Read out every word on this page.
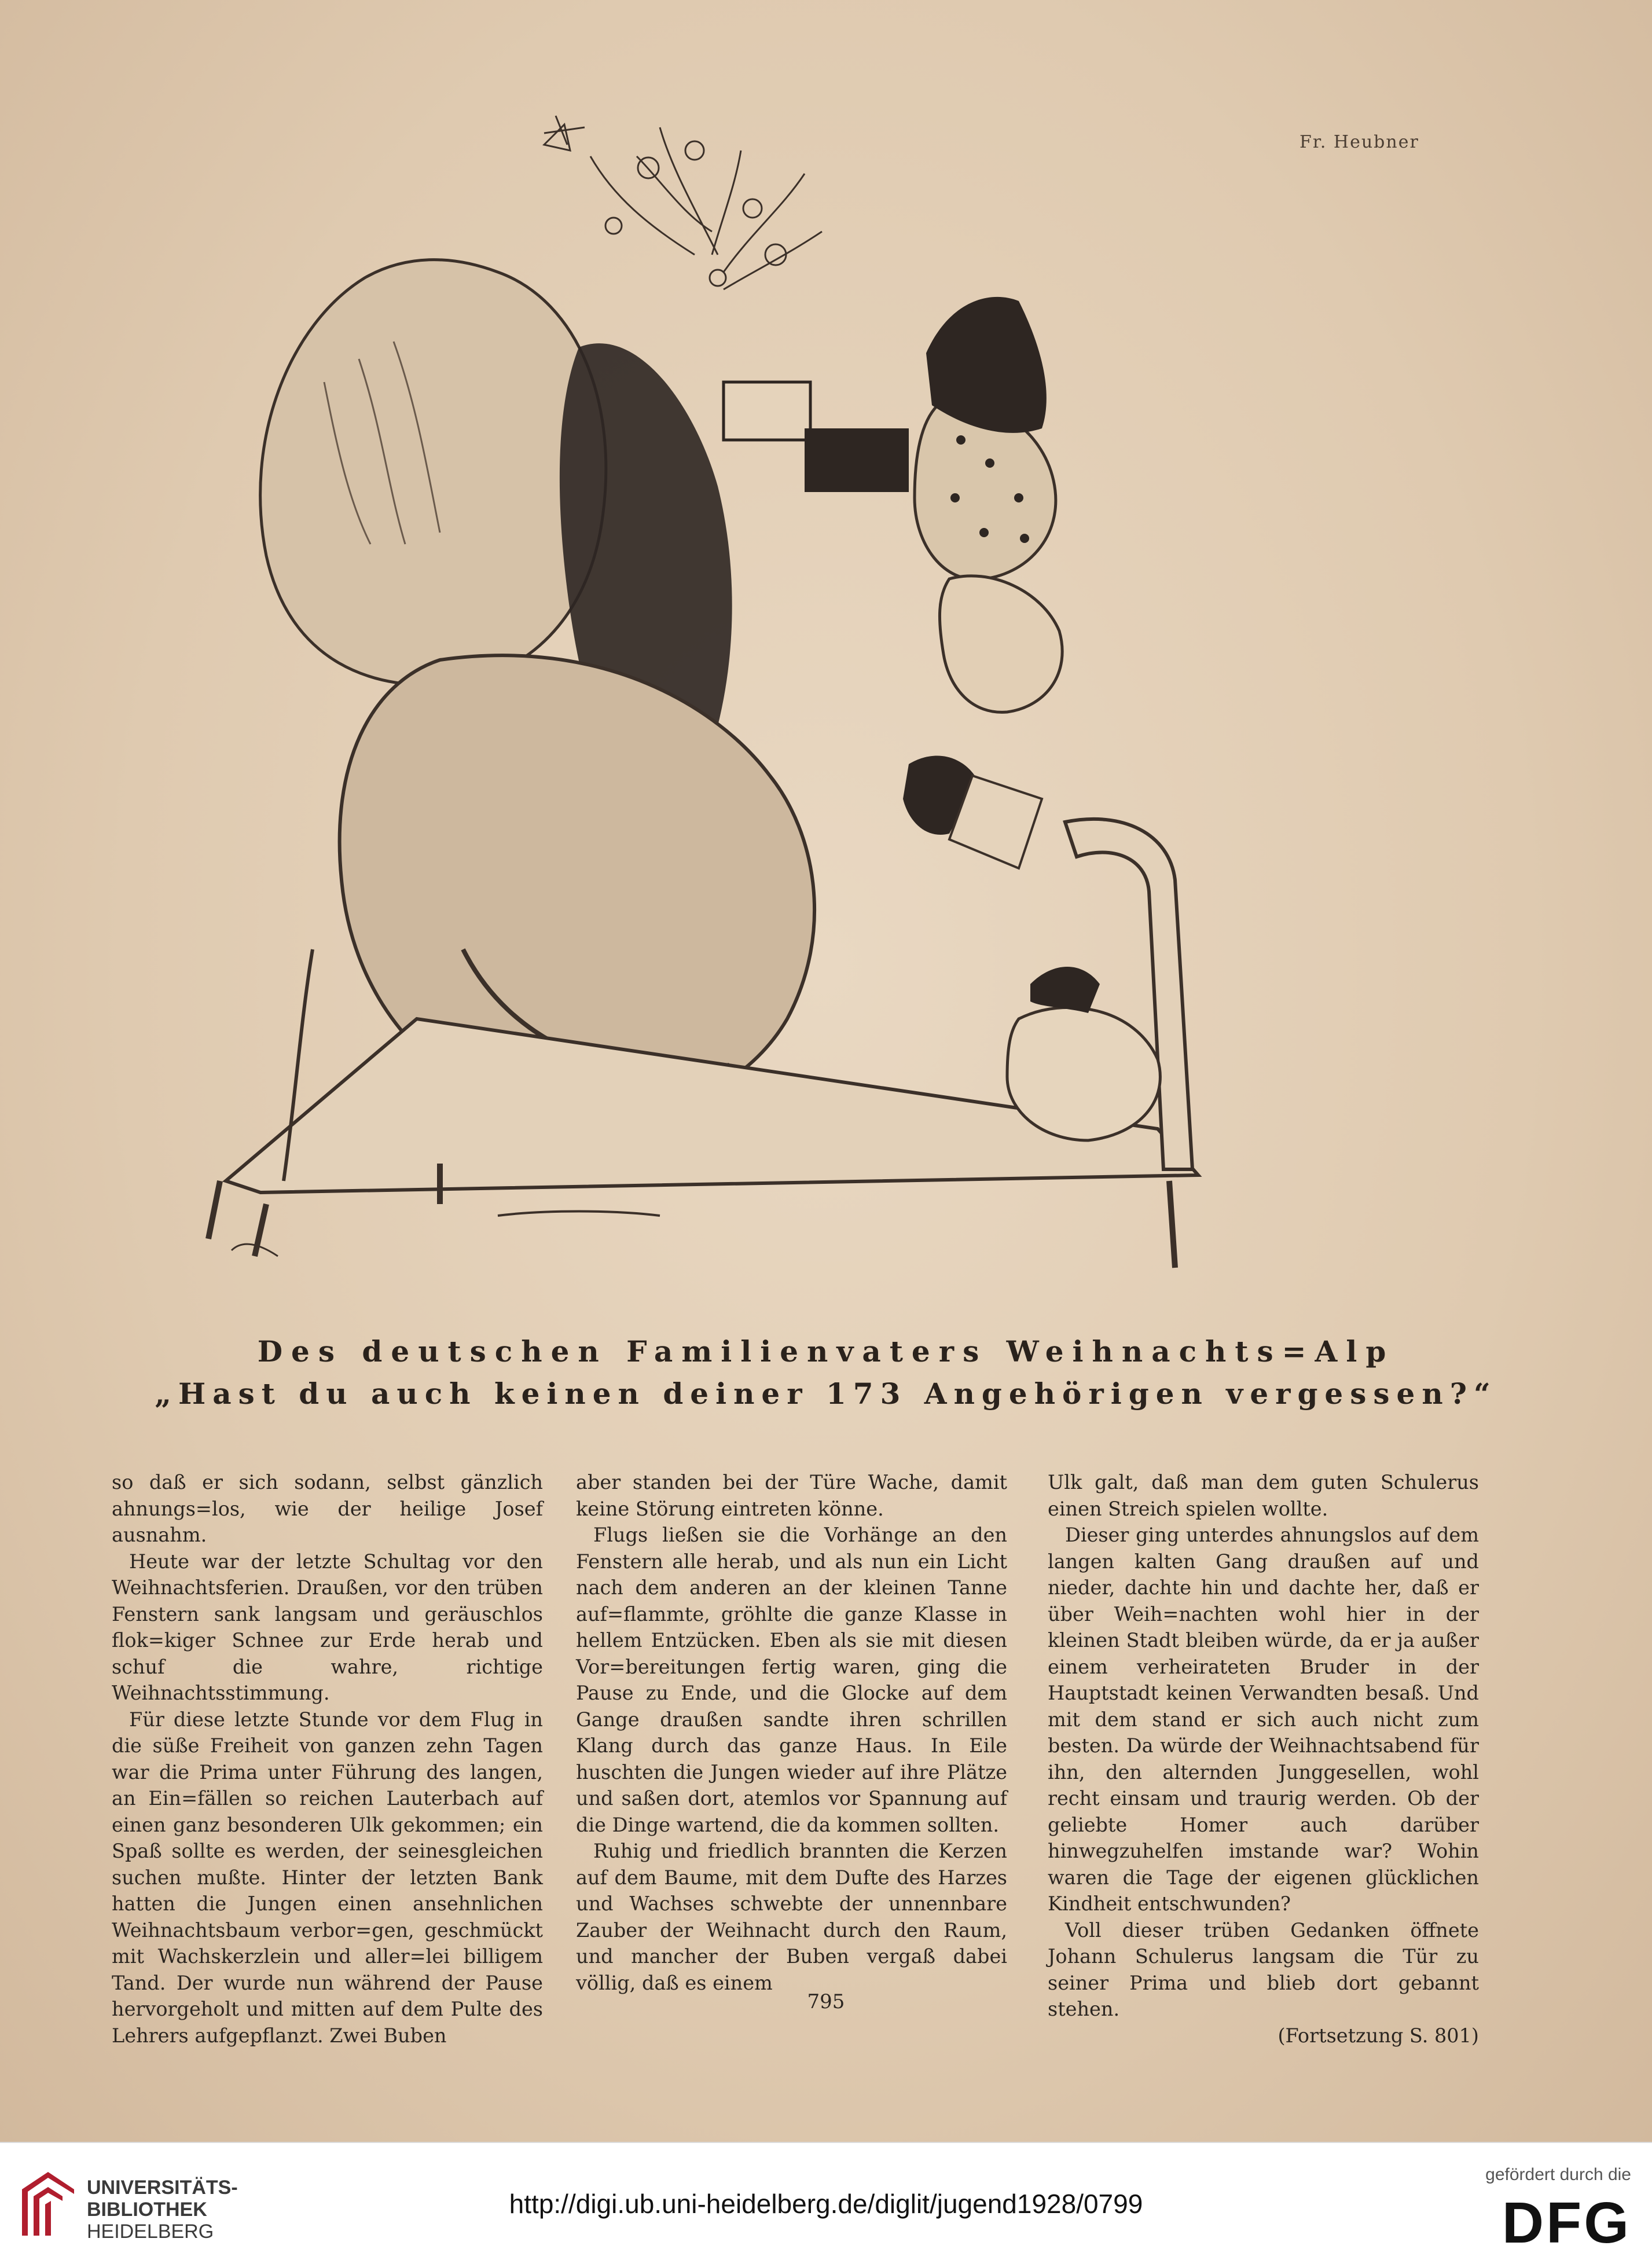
Fr. Heubner
Des deutschen Familienvaters Weihnachts=Alp
„Hast du auch keinen deiner 173 Angehörigen vergessen?“

so daß er sich sodann, selbst gänzlich ahnungs=los, wie der heilige Josef ausnahm.

Heute war der letzte Schultag vor den Weihnachtsferien. Draußen, vor den trüben Fenstern sank langsam und geräuschlos flok=kiger Schnee zur Erde herab und schuf die wahre, richtige Weihnachtsstimmung.

Für diese letzte Stunde vor dem Flug in die süße Freiheit von ganzen zehn Tagen war die Prima unter Führung des langen, an Ein=fällen so reichen Lauterbach auf einen ganz besonderen Ulk gekommen; ein Spaß sollte es werden, der seinesgleichen suchen mußte. Hinter der letzten Bank hatten die Jungen einen ansehnlichen Weihnachtsbaum verbor=gen, geschmückt mit Wachskerzlein und aller=lei billigem Tand. Der wurde nun während der Pause hervorgeholt und mitten auf dem Pulte des Lehrers aufgepflanzt. Zwei Buben

aber standen bei der Türe Wache, damit keine Störung eintreten könne.

Flugs ließen sie die Vorhänge an den Fenstern alle herab, und als nun ein Licht nach dem anderen an der kleinen Tanne auf=flammte, gröhlte die ganze Klasse in hellem Entzücken. Eben als sie mit diesen Vor=bereitungen fertig waren, ging die Pause zu Ende, und die Glocke auf dem Gange draußen sandte ihren schrillen Klang durch das ganze Haus. In Eile huschten die Jungen wieder auf ihre Plätze und saßen dort, atemlos vor Spannung auf die Dinge wartend, die da kommen sollten.

Ruhig und friedlich brannten die Kerzen auf dem Baume, mit dem Dufte des Harzes und Wachses schwebte der unnennbare Zauber der Weihnacht durch den Raum, und mancher der Buben vergaß dabei völlig, daß es einem

Ulk galt, daß man dem guten Schulerus einen Streich spielen wollte.

Dieser ging unterdes ahnungslos auf dem langen kalten Gang draußen auf und nieder, dachte hin und dachte her, daß er über Weih=nachten wohl hier in der kleinen Stadt bleiben würde, da er ja außer einem verheirateten Bruder in der Hauptstadt keinen Verwandten besaß. Und mit dem stand er sich auch nicht zum besten. Da würde der Weihnachtsabend für ihn, den alternden Junggesellen, wohl recht einsam und traurig werden. Ob der geliebte Homer auch darüber hinwegzuhelfen imstande war? Wohin waren die Tage der eigenen glücklichen Kindheit entschwunden?

Voll dieser trüben Gedanken öffnete Johann Schulerus langsam die Tür zu seiner Prima und blieb dort gebannt stehen.

(Fortsetzung S. 801)

795
UNIVERSITÄTS-
BIBLIOTHEK
HEIDELBERG
http://digi.ub.uni-heidelberg.de/diglit/jugend1928/0799
gefördert durch die
DFG
